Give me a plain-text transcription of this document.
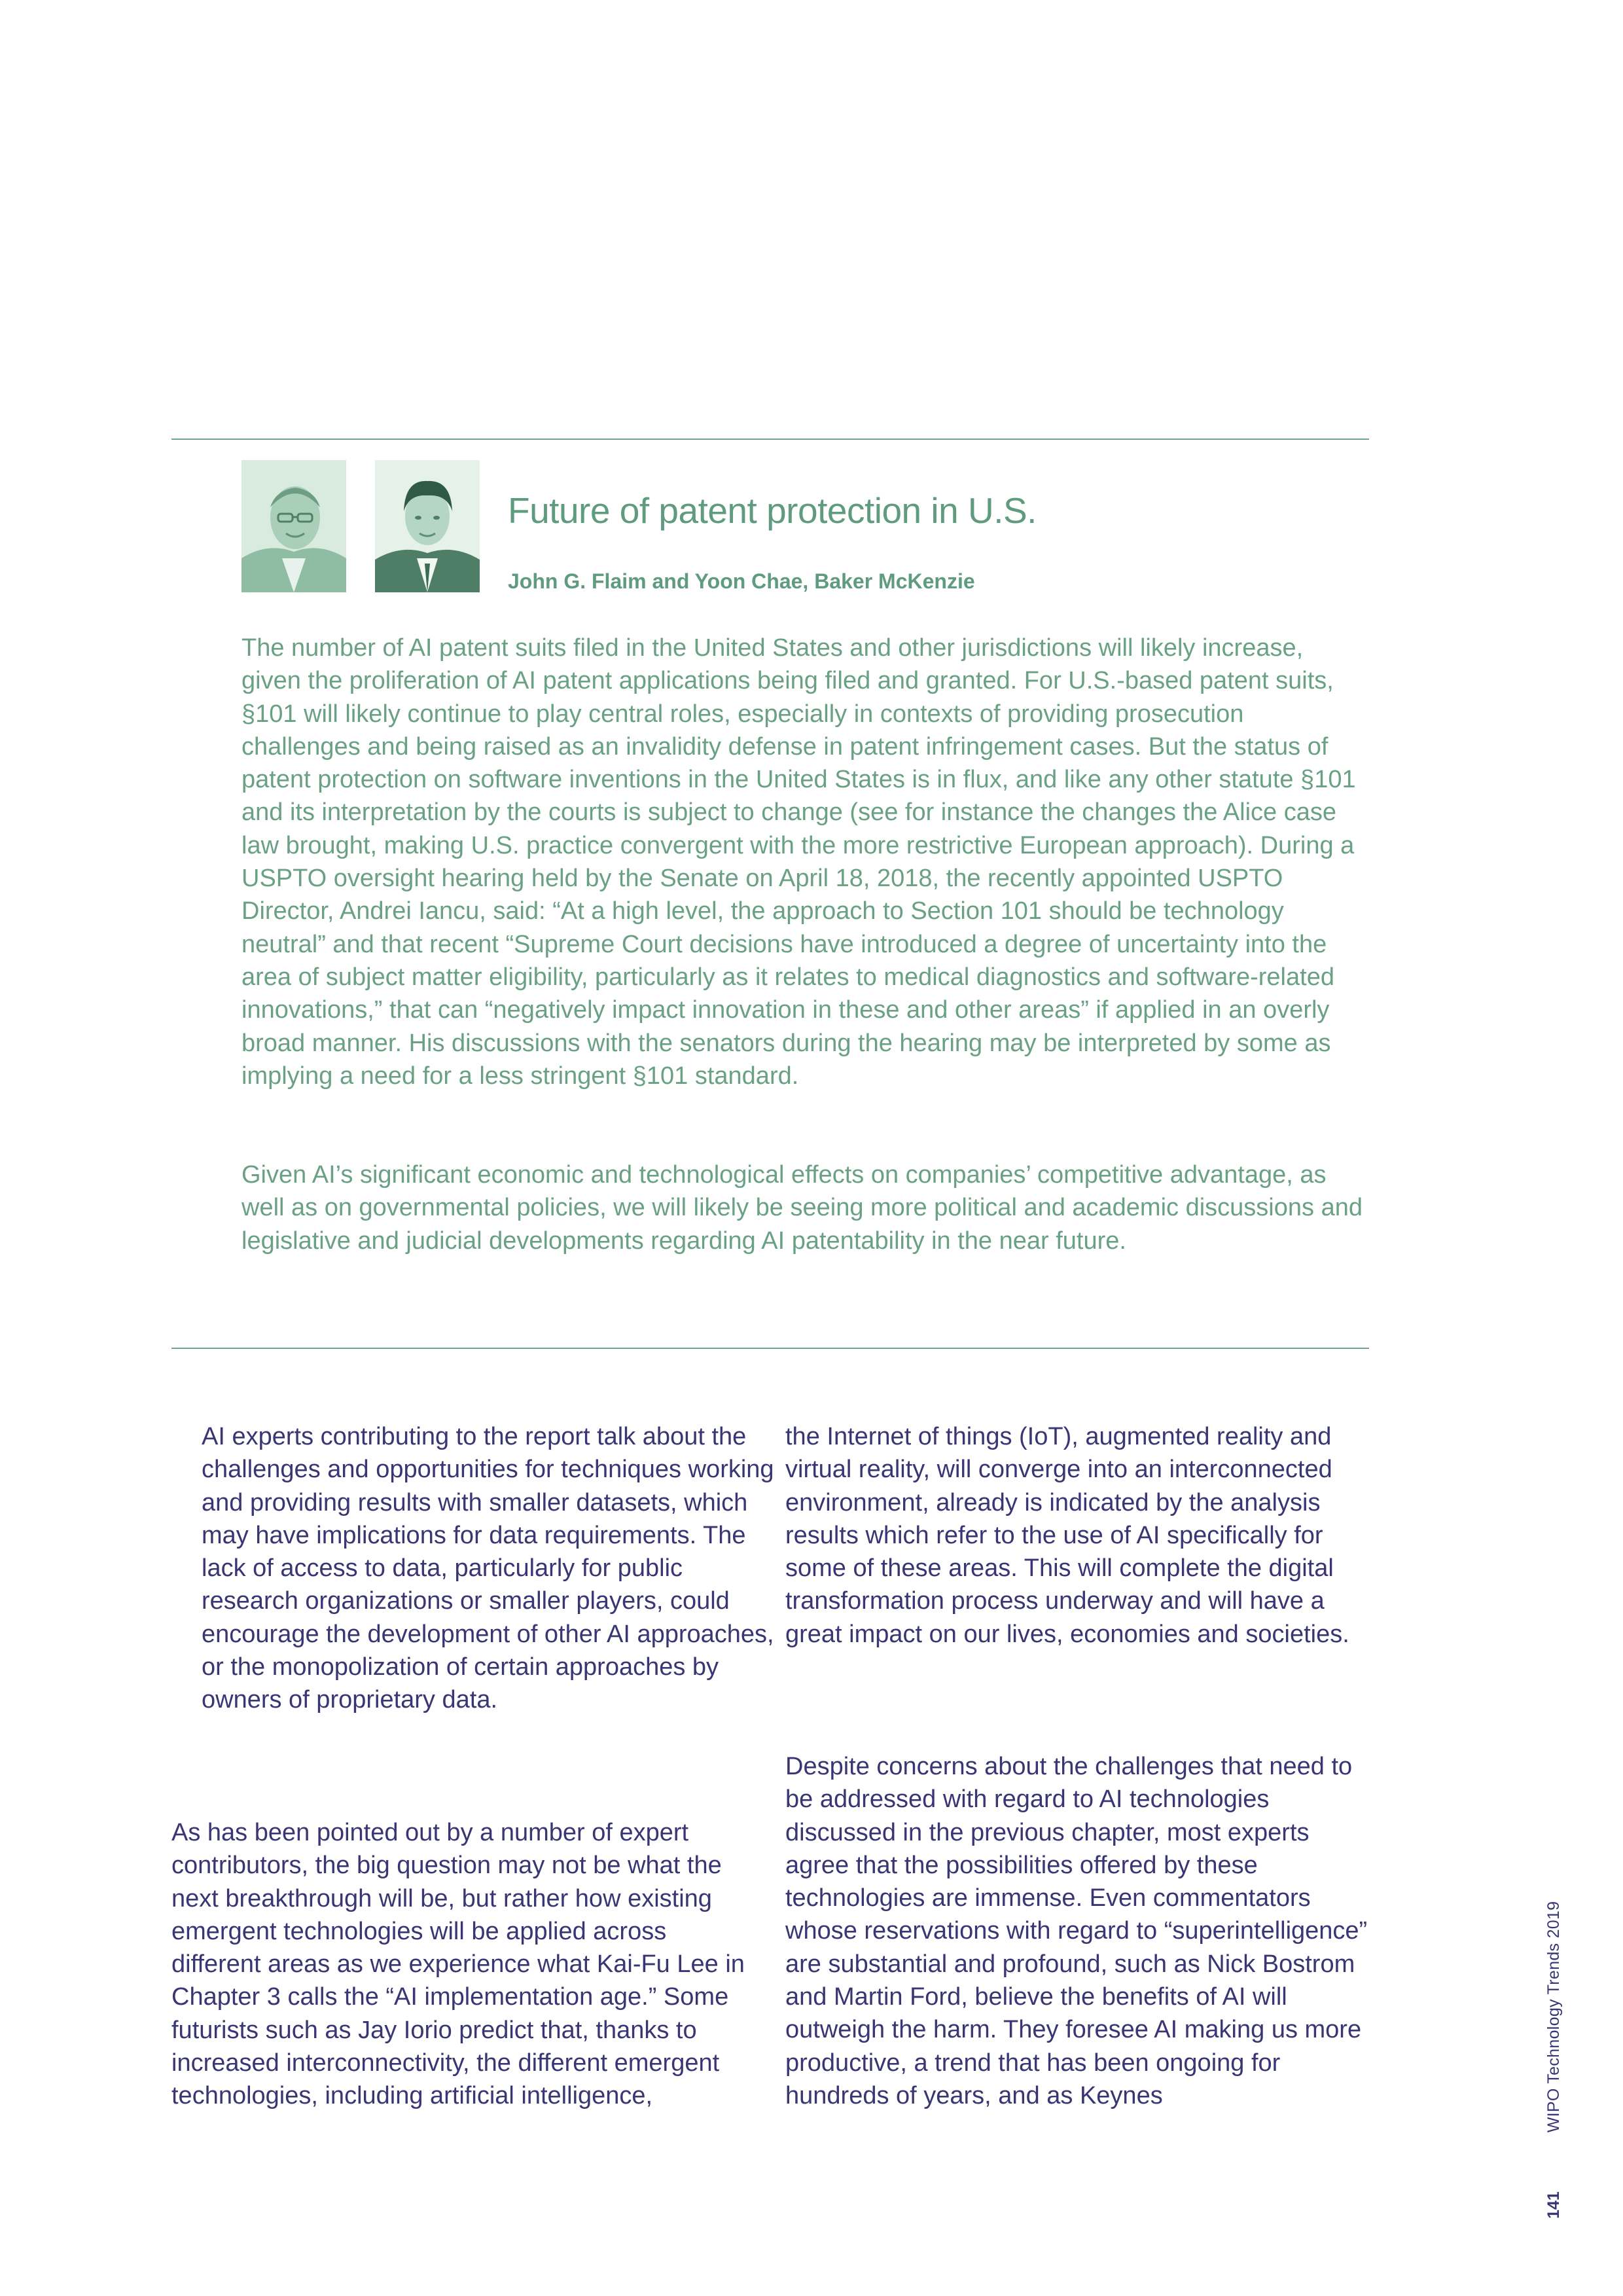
Future of patent protection in U.S.

John G. Flaim and Yoon Chae, Baker McKenzie

The number of AI patent suits filed in the United States and other jurisdictions will likely increase, given the proliferation of AI patent applications being filed and granted. For U.S.-based patent suits, §101 will likely continue to play central roles, especially in contexts of providing prosecution challenges and being raised as an invalidity defense in patent infringement cases. But the status of patent protection on software inventions in the United States is in flux, and like any other statute §101 and its interpretation by the courts is subject to change (see for instance the changes the Alice case law brought, making U.S. practice convergent with the more restrictive European approach). During a USPTO oversight hearing held by the Senate on April 18, 2018, the recently appointed USPTO Director, Andrei Iancu, said: “At a high level, the approach to Section 101 should be technology neutral” and that recent “Supreme Court decisions have introduced a degree of uncertainty into the area of subject matter eligibility, particularly as it relates to medical diagnostics and software-related innovations,” that can “negatively impact innovation in these and other areas” if applied in an overly broad manner. His discussions with the senators during the hearing may be interpreted by some as implying a need for a less stringent §101 standard.

Given AI’s significant economic and technological effects on companies’ competitive advantage, as well as on governmental policies, we will likely be seeing more political and academic discussions and legislative and judicial developments regarding AI patentability in the near future.

AI experts contributing to the report talk about the challenges and opportunities for techniques working and providing results with smaller datasets, which may have implications for data requirements. The lack of access to data, particularly for public research organizations or smaller players, could encourage the development of other AI approaches, or the monopolization of certain approaches by owners of proprietary data.

As has been pointed out by a number of expert contributors, the big question may not be what the next breakthrough will be, but rather how existing emergent technologies will be applied across different areas as we experience what Kai-Fu Lee in Chapter 3 calls the “AI implementation age.” Some futurists such as Jay Iorio predict that, thanks to increased interconnectivity, the different emergent technologies, including artificial intelligence,

the Internet of things (IoT), augmented reality and virtual reality, will converge into an interconnected environment, already is indicated by the analysis results which refer to the use of AI specifically for some of these areas. This will complete the digital transformation process underway and will have a great impact on our lives, economies and societies.

Despite concerns about the challenges that need to be addressed with regard to AI technologies discussed in the previous chapter, most experts agree that the possibilities offered by these technologies are immense. Even commentators whose reservations with regard to “superintelligence” are substantial and profound, such as Nick Bostrom and Martin Ford, believe the benefits of AI will outweigh the harm. They foresee AI making us more productive, a trend that has been ongoing for hundreds of years, and as Keynes

141
WIPO Technology Trends 2019
